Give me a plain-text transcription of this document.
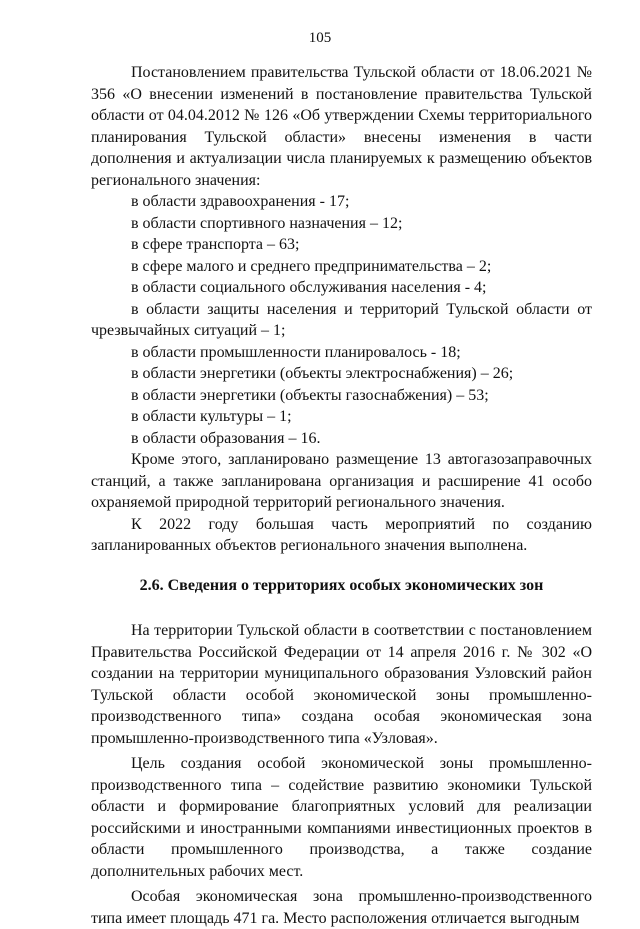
105

Постановлением правительства Тульской области от 18.06.2021 № 356 «О внесении изменений в постановление правительства Тульской области от 04.04.2012 № 126 «Об утверждении Схемы территориального планирования Тульской области» внесены изменения в части дополнения и актуализации числа планируемых к размещению объектов регионального значения:

в области здравоохранения - 17;

в области спортивного назначения – 12;

в сфере транспорта – 63;

в сфере малого и среднего предпринимательства – 2;

в области социального обслуживания населения - 4;

в области защиты населения и территорий Тульской области от чрезвычайных ситуаций – 1;

в области промышленности планировалось - 18;

в области энергетики (объекты электроснабжения) – 26;

в области энергетики (объекты газоснабжения) – 53;

в области культуры – 1;

в области образования – 16.

Кроме этого, запланировано размещение 13 автогазозаправочных станций, а также запланирована организация и расширение 41 особо охраняемой природной территорий регионального значения.

К 2022 году большая часть мероприятий по созданию запланированных объектов регионального значения выполнена.

2.6. Сведения о территориях особых экономических зон

На территории Тульской области в соответствии с постановлением Правительства Российской Федерации от 14 апреля 2016 г. № 302 «О создании на территории муниципального образования Узловский район Тульской области особой экономической зоны промышленно-производственного типа» создана особая экономическая зона промышленно-производственного типа «Узловая».

Цель создания особой экономической зоны промышленно-производственного типа – содействие развитию экономики Тульской области и формирование благоприятных условий для реализации российскими и иностранными компаниями инвестиционных проектов в области промышленного производства, а также создание дополнительных рабочих мест.

Особая экономическая зона промышленно-производственного типа имеет площадь 471 га. Место расположения отличается выгодным
